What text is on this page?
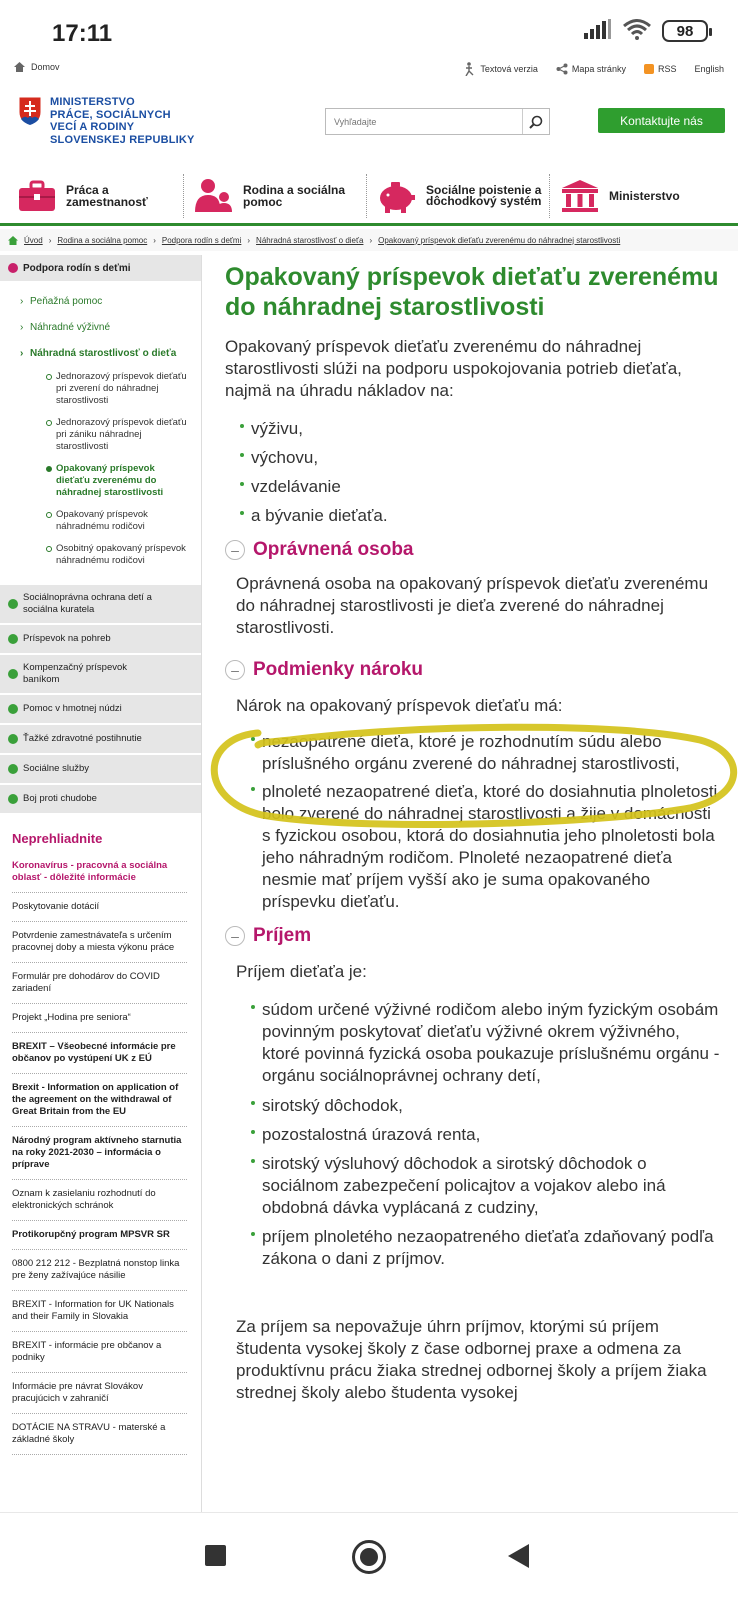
17:11	98
Domov	Textová verzia	Mapa stránky	RSS English
MINISTERSTVO
PRÁCE, SOCIÁLNYCH
VECÍ A RODINY
SLOVENSKEJ REPUBLIKY
Vyhľadajte
Kontaktujte nás
Práca a
zamestnanosť
Rodina a sociálna
pomoc
Sociálne poistenie a
dôchodkový systém	Ministerstvo
Úvod › Rodina a sociálna pomoc › Podpora rodín s deťmi › Náhradná starostlivosť o dieťa › Opakovaný príspevok dieťaťu zverenému do náhradnej starostlivosti
Podpora rodín s deťmi
› Peňažná pomoc
› Náhradné výživné
› Náhradná starostlivosť o dieťa
Jednorazový príspevok dieťaťu pri zverení do náhradnej starostlivosti
Jednorazový príspevok dieťaťu pri zániku náhradnej starostlivosti
Opakovaný príspevok dieťaťu zverenému do náhradnej starostlivosti
Opakovaný príspevok náhradnému rodičovi
Osobitný opakovaný príspevok náhradnému rodičovi
Sociálnoprávna ochrana detí a sociálna kuratela
Príspevok na pohreb
Kompenzačný príspevok baníkom
Pomoc v hmotnej núdzi
Ťažké zdravotné postihnutie
Sociálne služby
Boj proti chudobe
Neprehliadnite
Koronavírus - pracovná a sociálna oblasť - dôležité informácie
Poskytovanie dotácií
Potvrdenie zamestnávateľa s určením pracovnej doby a miesta výkonu práce
Formulár pre dohodárov do COVID zariadení
Projekt „Hodina pre seniora“
BREXIT – Všeobecné informácie pre občanov po vystúpení UK z EÚ
Brexit - Information on application of the agreement on the withdrawal of Great Britain from the EU
Národný program aktívneho starnutia na roky 2021-2030 – informácia o príprave
Oznam k zasielaniu rozhodnutí do elektronických schránok
Protikorupčný program MPSVR SR
0800 212 212 - Bezplatná nonstop linka pre ženy zažívajúce násilie
BREXIT - Information for UK Nationals and their Family in Slovakia
BREXIT - informácie pre občanov a podniky
Informácie pre návrat Slovákov pracujúcich v zahraničí
DOTÁCIE NA STRAVU - materské a základné školy
Opakovaný príspevok dieťaťu zverenému do náhradnej starostlivosti

Opakovaný príspevok dieťaťu zverenému do náhradnej starostlivosti slúži na podporu uspokojovania potrieb dieťaťa, najmä na úhradu nákladov na:

výživu,
výchovu,
vzdelávanie
a bývanie dieťaťa.
– Oprávnená osoba

Oprávnená osoba na opakovaný príspevok dieťaťu zverenému do náhradnej starostlivosti je dieťa zverené do náhradnej starostlivosti.

– Podmienky nároku

Nárok na opakovaný príspevok dieťaťu má:

nezaopatrené dieťa, ktoré je rozhodnutím súdu alebo príslušného orgánu zverené do náhradnej starostlivosti,
plnoleté nezaopatrené dieťa, ktoré do dosiahnutia plnoletosti bolo zverené do náhradnej starostlivosti a žije v domácnosti s fyzickou osobou, ktorá do dosiahnutia jeho plnoletosti bola jeho náhradným rodičom. Plnoleté nezaopatrené dieťa nesmie mať príjem vyšší ako je suma opakovaného príspevku dieťaťu.
– Príjem

Príjem dieťaťa je:

súdom určené výživné rodičom alebo iným fyzickým osobám povinným poskytovať dieťaťu výživné okrem výživného, ktoré povinná fyzická osoba poukazuje príslušnému orgánu - orgánu sociálnoprávnej ochrany detí,
sirotský dôchodok,
pozostalostná úrazová renta,
sirotský výsluhový dôchodok a sirotský dôchodok o sociálnom zabezpečení policajtov a vojakov alebo iná obdobná dávka vyplácaná z cudziny,
príjem plnoletého nezaopatreného dieťaťa zdaňovaný podľa zákona o dani z príjmov.

Za príjem sa nepovažuje úhrn príjmov, ktorými sú príjem študenta vysokej školy z čase odbornej praxe a odmena za produktívnu prácu žiaka strednej odbornej školy a príjem žiaka strednej školy alebo študenta vysokej
